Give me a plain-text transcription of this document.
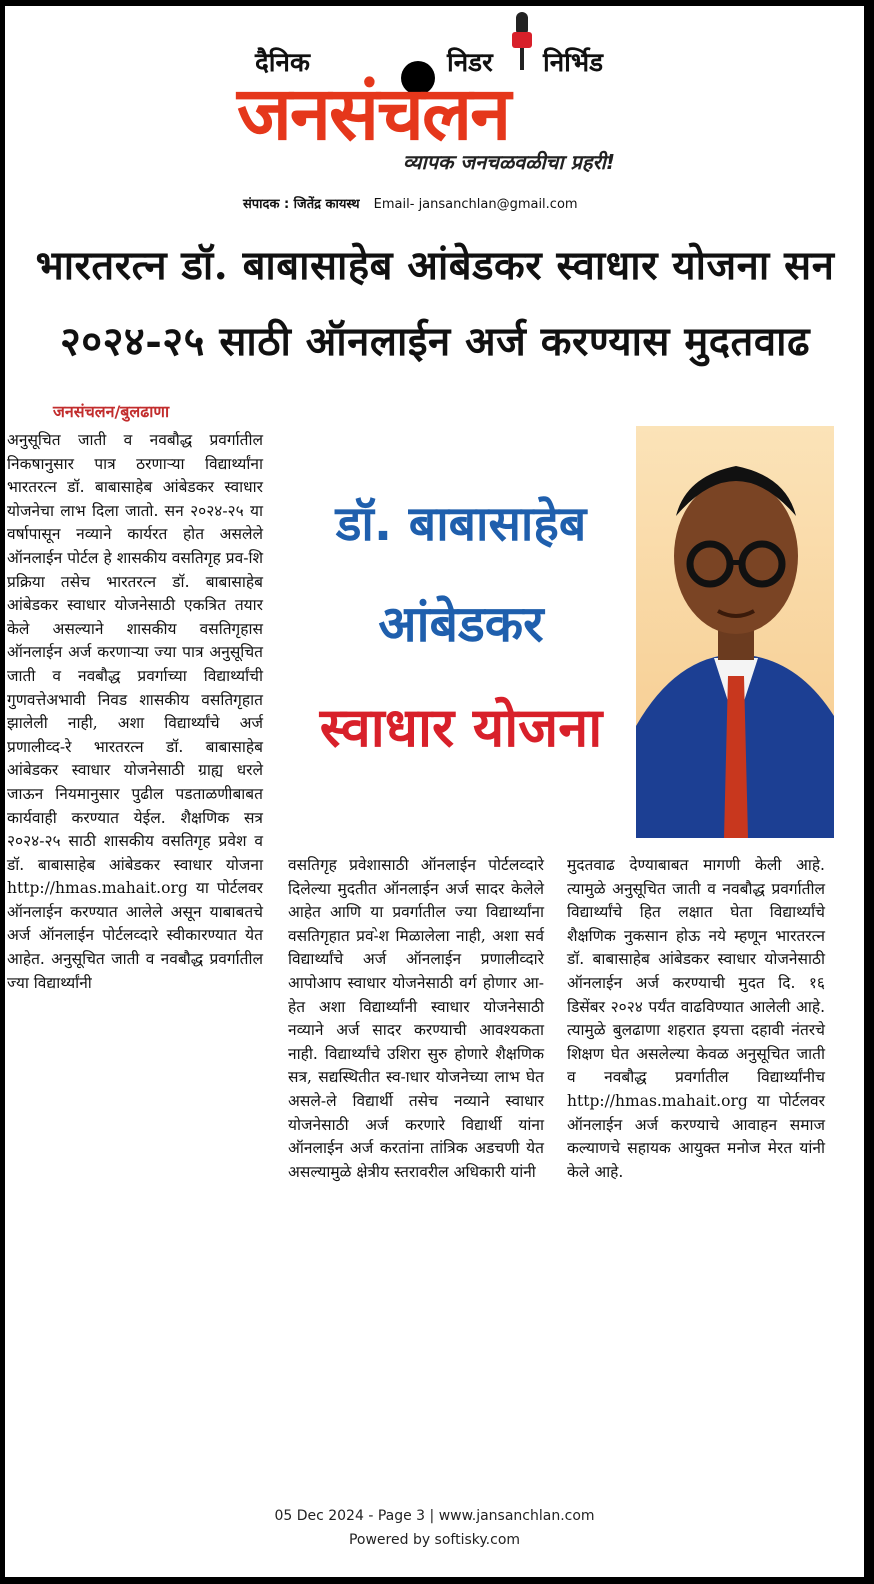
दैनिक	निडर निर्भिड
जनसंचलन
व्यापक जनचळवळीचा प्रहरी!
संपादक : जितेंद्र कायस्थ Email- jansanchlan@gmail.com
भारतरत्न डॉ. बाबासाहेब आंबेडकर स्वाधार योजना सन
२०२४-२५ साठी ऑनलाईन अर्ज करण्यास मुदतवाढ
जनसंचलन/बुलढाणा
अनुसूचित जाती व नवबौद्ध प्रवर्गातील निकषानुसार पात्र ठरणाऱ्या विद्यार्थ्यांना भारतरत्न डॉ. बाबासाहेब आंबेडकर स्वाधार योजनेचा लाभ दिला जातो. सन २०२४-२५ या वर्षापासून नव्याने कार्यरत होत असलेले ऑनलाईन पोर्टल हे शासकीय वसतिगृह प्रव-शि प्रक्रिया तसेच भारतरत्न डॉ. बाबासाहेब आंबेडकर स्वाधार योजनेसाठी एकत्रित तयार केले असल्याने शासकीय वसतिगृहास ऑनलाईन अर्ज करणाऱ्या ज्या पात्र अनुसूचित जाती व नवबौद्ध प्रवर्गाच्या विद्यार्थ्यांची गुणवत्तेअभावी निवड शासकीय वसतिगृहात झालेली नाही, अशा विद्यार्थ्यांचे अर्ज प्रणालीव्द-रे भारतरत्न डॉ. बाबासाहेब आंबेडकर स्वाधार योजनेसाठी ग्राह्य धरले जाऊन नियमानुसार पुढील पडताळणीबाबत कार्यवाही करण्यात येईल. शैक्षणिक सत्र २०२४-२५ साठी शासकीय वसतिगृह प्रवेश व डॉ. बाबासाहेब आंबेडकर स्वाधार योजना http://hmas.mahait.org या पोर्टलवर ऑनलाईन करण्यात आलेले असून याबाबतचे अर्ज ऑनलाईन पोर्टलव्दारे स्वीकारण्यात येत आहेत. अनुसूचित जाती व नवबौद्ध प्रवर्गातील ज्या विद्यार्थ्यांनी
डॉ. बाबासाहेब
आंबेडकर
स्वाधार योजना
वसतिगृह प्रवेशासाठी ऑनलाईन पोर्टलव्दारे दिलेल्या मुदतीत ऑनलाईन अर्ज सादर केलेले आहेत आणि या प्रवर्गातील ज्या विद्यार्थ्यांना वसतिगृहात प्रव-ेश मिळालेला नाही, अशा सर्व विद्यार्थ्यांचे अर्ज ऑनलाईन प्रणालीव्दारे आपोआप स्वाधार योजनेसाठी वर्ग होणार आ-हेत अशा विद्यार्थ्यांनी स्वाधार योजनेसाठी नव्याने अर्ज सादर करण्याची आवश्यकता नाही. विद्यार्थ्यांचे उशिरा सुरु होणारे शैक्षणिक सत्र, सद्यस्थितीत स्व-ाधार योजनेच्या लाभ घेत असले-ले विद्यार्थी तसेच नव्याने स्वाधार योजनेसाठी अर्ज करणारे विद्यार्थी यांना ऑनलाईन अर्ज करतांना तांत्रिक अडचणी येत असल्यामुळे क्षेत्रीय स्तरावरील अधिकारी यांनी
मुदतवाढ देण्याबाबत मागणी केली आहे. त्यामुळे अनुसूचित जाती व नवबौद्ध प्रवर्गातील विद्यार्थ्यांचे हित लक्षात घेता विद्यार्थ्यांचे शैक्षणिक नुकसान होऊ नये म्हणून भारतरत्न डॉ. बाबासाहेब आंबेडकर स्वाधार योजनेसाठी ऑनलाईन अर्ज करण्याची मुदत दि. १६ डिसेंबर २०२४ पर्यंत वाढविण्यात आलेली आहे. त्यामुळे बुलढाणा शहरात इयत्ता दहावी नंतरचे शिक्षण घेत असलेल्या केवळ अनुसूचित जाती व नवबौद्ध प्रवर्गातील विद्यार्थ्यांनीच http://hmas.mahait.org या पोर्टलवर ऑनलाईन अर्ज करण्याचे आवाहन समाज कल्याणचे सहायक आयुक्त मनोज मेरत यांनी केले आहे.
05 Dec 2024 - Page 3 | www.jansanchlan.com
Powered by softisky.com
